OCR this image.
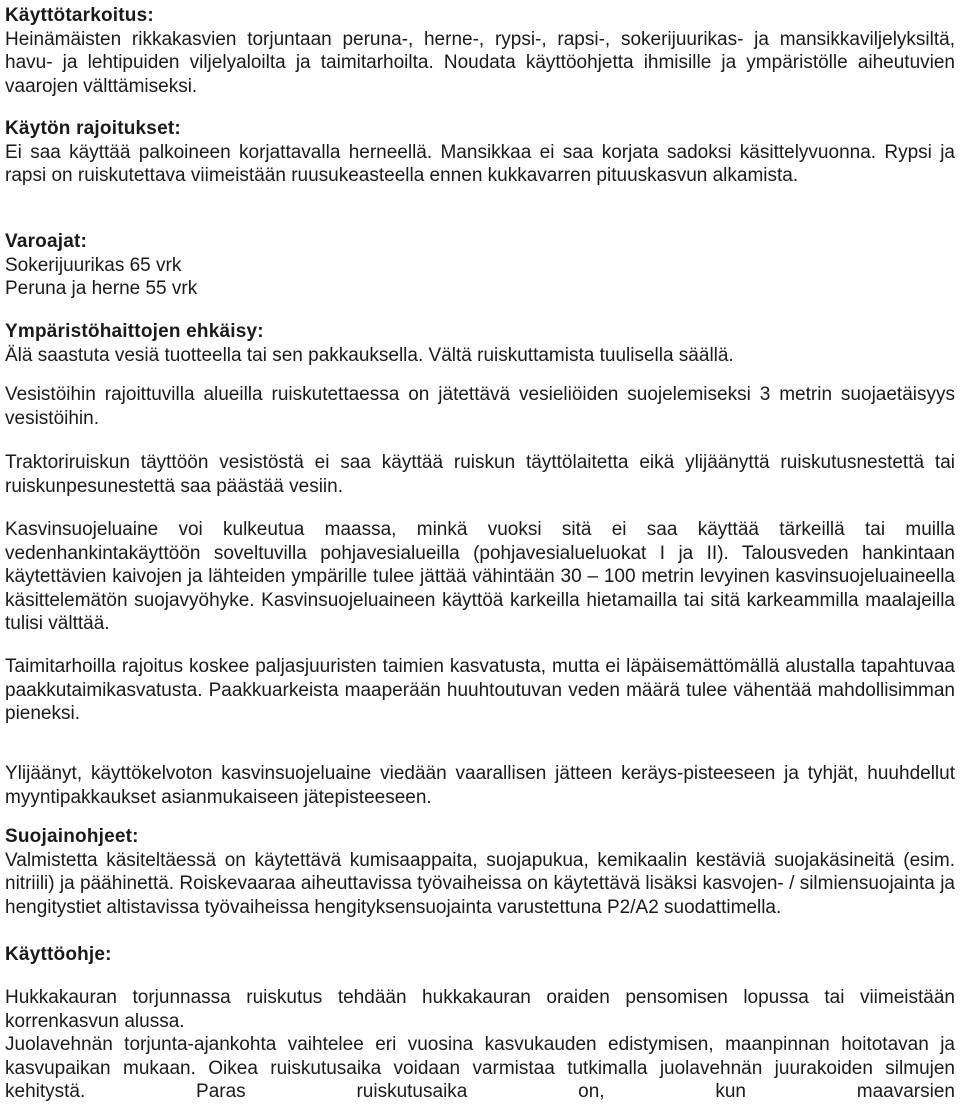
Käyttötarkoitus:
Heinämäisten rikkakasvien torjuntaan peruna-, herne-, rypsi-, rapsi-, sokerijuurikas- ja mansikkaviljelyksiltä, havu- ja lehtipuiden viljelyaloilta ja taimitarhoilta. Noudata käyttöohjetta ihmisille ja ympäristölle aiheutuvien vaarojen välttämiseksi.
Käytön rajoitukset:
Ei saa käyttää palkoineen korjattavalla herneellä. Mansikkaa ei saa korjata sadoksi käsittelyvuonna. Rypsi ja rapsi on ruiskutettava viimeistään ruusukeasteella ennen kukkavarren pituuskasvun alkamista.
Varoajat:
Sokerijuurikas 65 vrk
Peruna ja herne 55 vrk
Ympäristöhaittojen ehkäisy:
Älä saastuta vesiä tuotteella tai sen pakkauksella. Vältä ruiskuttamista tuulisella säällä.
Vesistöihin rajoittuvilla alueilla ruiskutettaessa on jätettävä vesieliöiden suojelemiseksi 3 metrin suojaetäisyys vesistöihin.
Traktoriruiskun täyttöön vesistöstä ei saa käyttää ruiskun täyttölaitetta eikä ylijäänyttä ruiskutusnestettä tai ruiskunpesunestettä saa päästää vesiin.
Kasvinsuojeluaine voi kulkeutua maassa, minkä vuoksi sitä ei saa käyttää tärkeillä tai muilla vedenhankintakäyttöön soveltuvilla pohjavesialueilla (pohjavesialueluokat I ja II). Talousveden hankintaan käytettävien kaivojen ja lähteiden ympärille tulee jättää vähintään 30 – 100 metrin levyinen kasvinsuojeluaineella käsittelemätön suojavyöhyke. Kasvinsuojeluaineen käyttöä karkeilla hietamailla tai sitä karkeammilla maalajeilla tulisi välttää.
Taimitarhoilla rajoitus koskee paljasjuuristen taimien kasvatusta, mutta ei läpäisemättömällä alustalla tapahtuvaa paakkutaimikasvatusta. Paakkuarkeista maaperään huuhtoutuvan veden määrä tulee vähentää mahdollisimman pieneksi.
Ylijäänyt, käyttökelvoton kasvinsuojeluaine viedään vaarallisen jätteen keräys-pisteeseen ja tyhjät, huuhdellut myyntipakkaukset asianmukaiseen jätepisteeseen.
Suojainohjeet:
Valmistetta käsiteltäessä on käytettävä kumisaappaita, suojapukua, kemikaalin kestäviä suojakäsineitä (esim. nitriili) ja päähinettä. Roiskevaaraa aiheuttavissa työvaiheissa on käytettävä lisäksi kasvojen- / silmiensuojainta ja hengitystiet altistavissa työvaiheissa hengityksensuojainta varustettuna P2/A2 suodattimella.
Käyttöohje:
Hukkakauran torjunnassa ruiskutus tehdään hukkakauran oraiden pensomisen lopussa tai viimeistään korrenkasvun alussa.
Juolavehnän torjunta-ajankohta vaihtelee eri vuosina kasvukauden edistymisen, maanpinnan hoitotavan ja kasvupaikan mukaan. Oikea ruiskutusaika voidaan varmistaa tutkimalla juolavehnän juurakoiden silmujen kehitystä. Paras ruiskutusaika on, kun maavarsien
